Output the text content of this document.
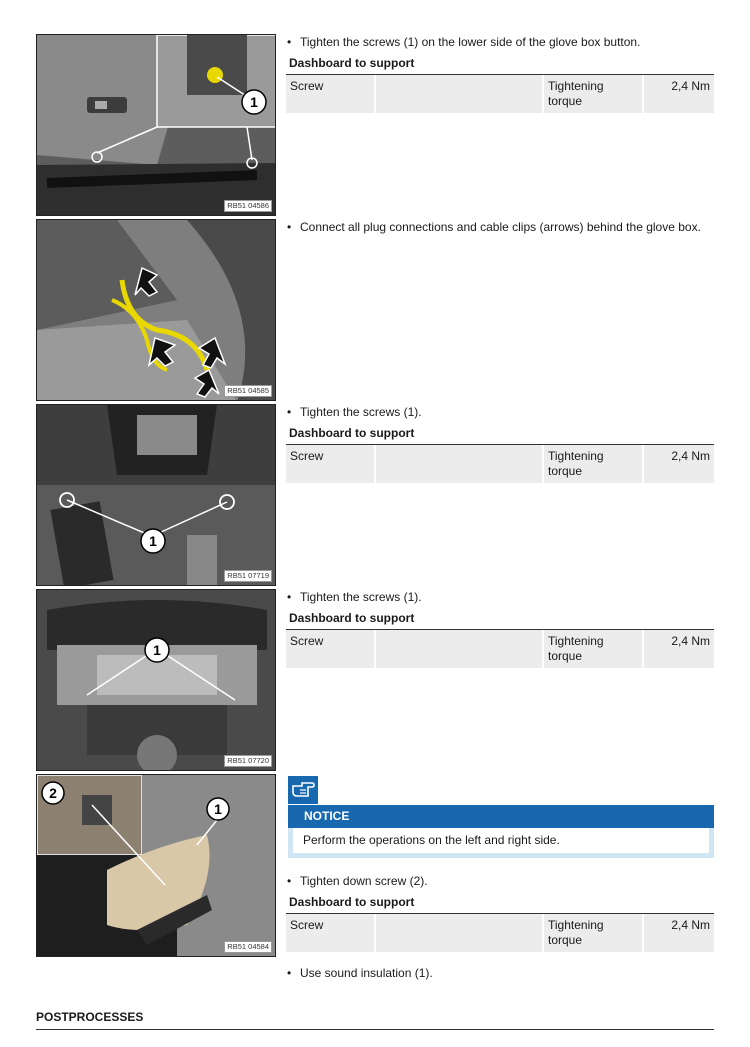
1
RB51 04586
RB51 04585
1
RB51 07719
1
RB51 07720
2
1
RB51 04584
• Tighten the screws (1) on the lower side of the glove box button.
Dashboard to support
Screw		Tightening torque	2,4 Nm
• Connect all plug connections and cable clips (arrows) behind the glove box.
• Tighten the screws (1).
Dashboard to support
Screw		Tightening torque	2,4 Nm
• Tighten the screws (1).
Dashboard to support
Screw		Tightening torque	2,4 Nm
NOTICE
Perform the operations on the left and right side.
• Tighten down screw (2).
Dashboard to support
Screw		Tightening torque	2,4 Nm
• Use sound insulation (1).
POSTPROCESSES
